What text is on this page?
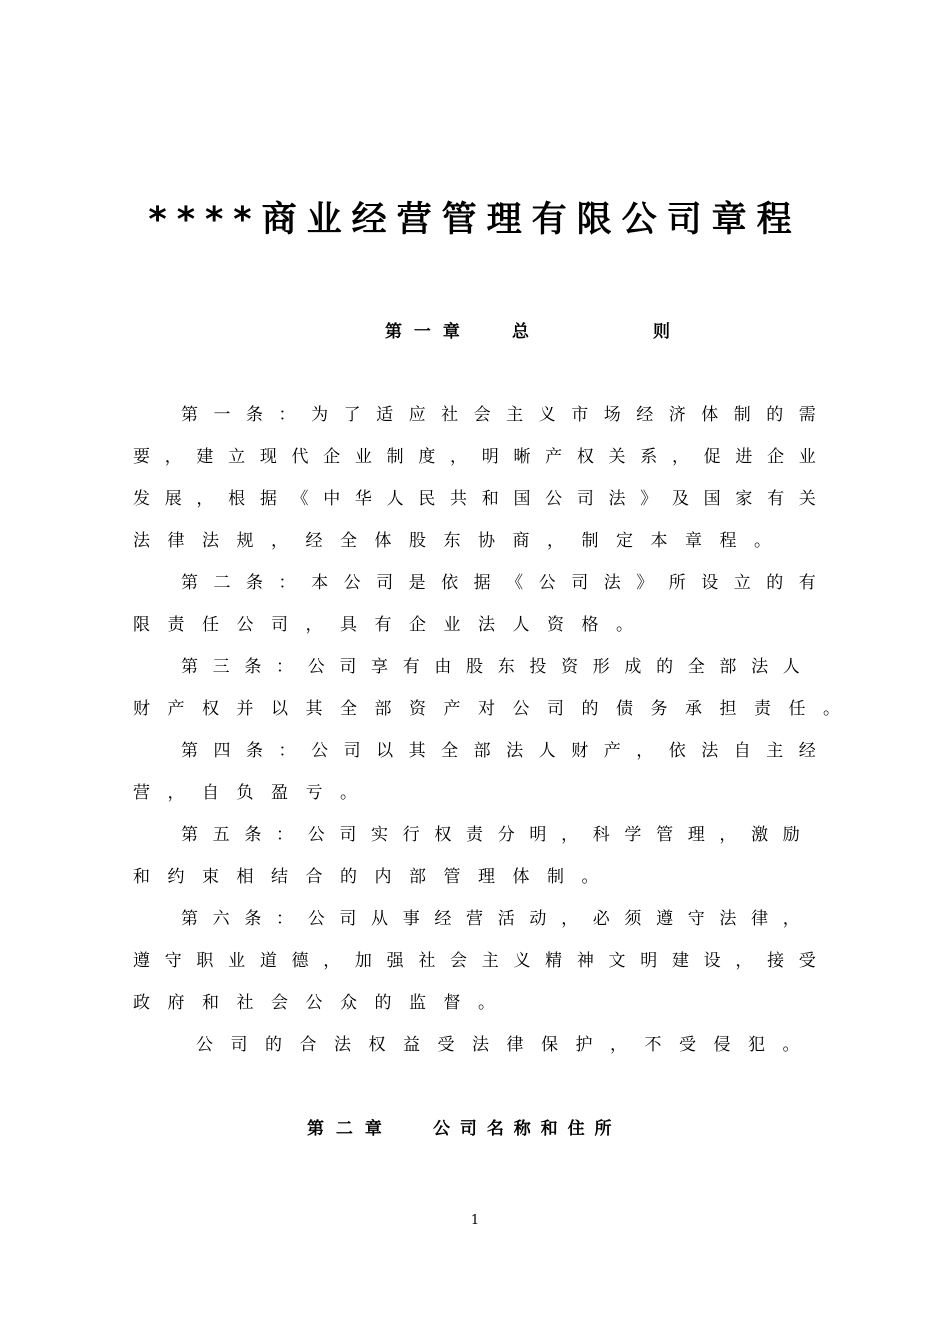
****商业经营管理有限公司章程
第 一 章	总	则
第 一 条 ： 为 了 适 应 社 会 主 义 市 场 经 济 体 制 的 需
要 ， 建 立 现 代 企 业 制 度 ， 明 晰 产 权 关 系 ， 促 进 企 业
发 展 ， 根 据 《 中 华 人 民 共 和 国 公 司 法 》 及 国 家 有 关
法 律 法 规 ， 经 全 体 股 东 协 商 ， 制 定 本 章 程 。
第 二 条 ： 本 公 司 是 依 据 《 公 司 法 》 所 设 立 的 有
限 责 任 公 司 ， 具 有 企 业 法 人 资 格 。
第 三 条 ： 公 司 享 有 由 股 东 投 资 形 成 的 全 部 法 人
财 产 权 并 以 其 全 部 资 产 对 公 司 的 债 务 承 担 责 任 。
第 四 条 ： 公 司 以 其 全 部 法 人 财 产 ， 依 法 自 主 经
营 ， 自 负 盈 亏 。
第 五 条 ： 公 司 实 行 权 责 分 明 ， 科 学 管 理 ， 激 励
和 约 束 相 结 合 的 内 部 管 理 体 制 。
第 六 条 ： 公 司 从 事 经 营 活 动 ， 必 须 遵 守 法 律 ，
遵 守 职 业 道 德 ， 加 强 社 会 主 义 精 神 文 明 建 设 ， 接 受
政 府 和 社 会 公 众 的 监 督 。
公 司 的 合 法 权 益 受 法 律 保 护 ， 不 受 侵 犯 。
第 二 章	公 司 名 称 和 住 所
1
